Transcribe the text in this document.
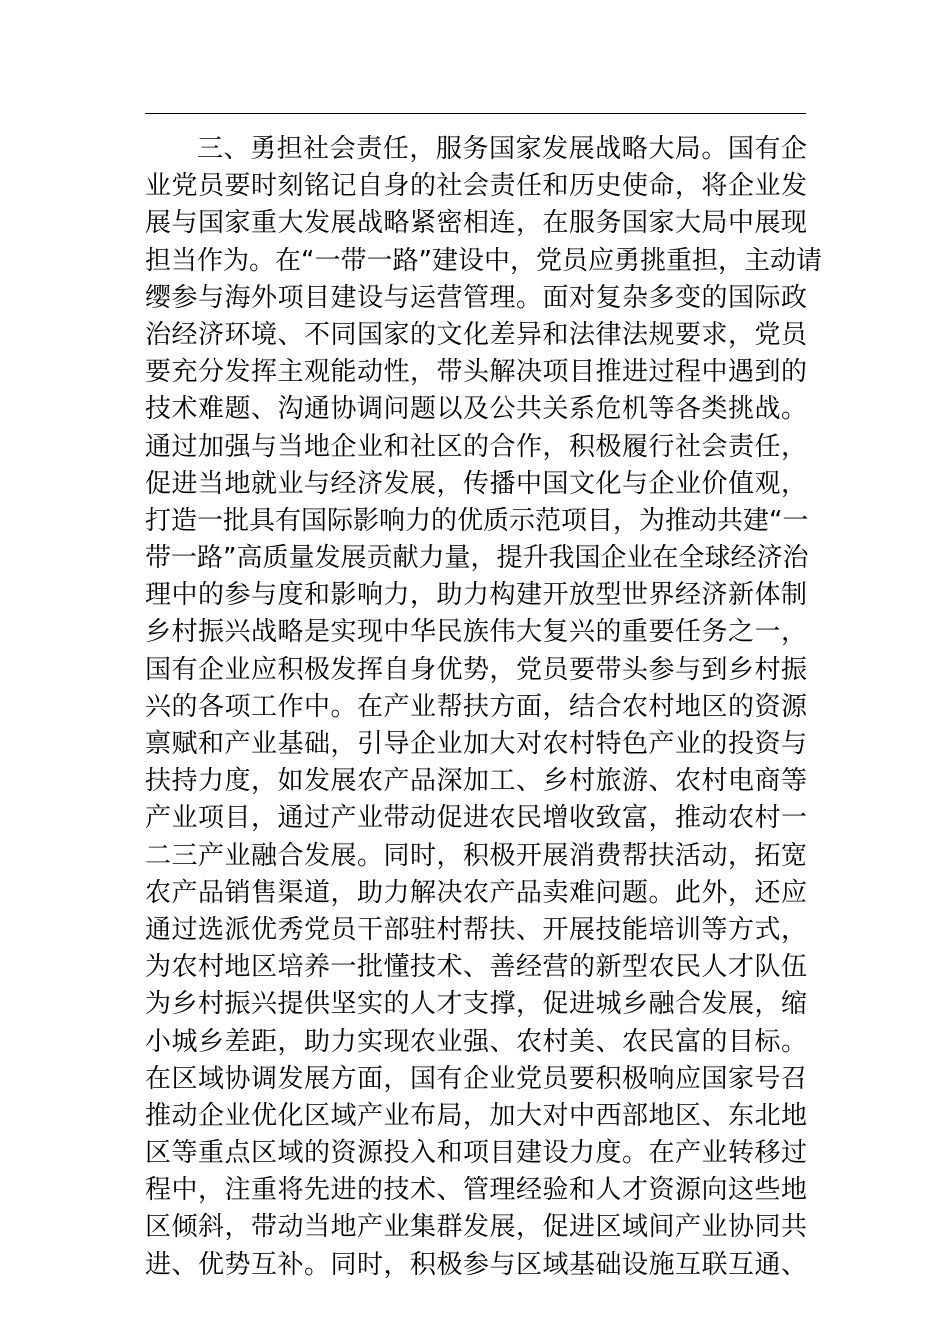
三、勇担社会责任，服务国家发展战略大局。国有企
业党员要时刻铭记自身的社会责任和历史使命，将企业发
展与国家重大发展战略紧密相连，在服务国家大局中展现
担当作为。在“一带一路”建设中，党员应勇挑重担，主动请
缨参与海外项目建设与运营管理。面对复杂多变的国际政
治经济环境、不同国家的文化差异和法律法规要求，党员
要充分发挥主观能动性，带头解决项目推进过程中遇到的
技术难题、沟通协调问题以及公共关系危机等各类挑战。
通过加强与当地企业和社区的合作，积极履行社会责任，
促进当地就业与经济发展，传播中国文化与企业价值观，
打造一批具有国际影响力的优质示范项目，为推动共建“一
带一路”高质量发展贡献力量，提升我国企业在全球经济治
理中的参与度和影响力，助力构建开放型世界经济新体制
乡村振兴战略是实现中华民族伟大复兴的重要任务之一，
国有企业应积极发挥自身优势，党员要带头参与到乡村振
兴的各项工作中。在产业帮扶方面，结合农村地区的资源
禀赋和产业基础，引导企业加大对农村特色产业的投资与
扶持力度，如发展农产品深加工、乡村旅游、农村电商等
产业项目，通过产业带动促进农民增收致富，推动农村一
二三产业融合发展。同时，积极开展消费帮扶活动，拓宽
农产品销售渠道，助力解决农产品卖难问题。此外，还应
通过选派优秀党员干部驻村帮扶、开展技能培训等方式，
为农村地区培养一批懂技术、善经营的新型农民人才队伍
为乡村振兴提供坚实的人才支撑，促进城乡融合发展，缩
小城乡差距，助力实现农业强、农村美、农民富的目标。
在区域协调发展方面，国有企业党员要积极响应国家号召
推动企业优化区域产业布局，加大对中西部地区、东北地
区等重点区域的资源投入和项目建设力度。在产业转移过
程中，注重将先进的技术、管理经验和人才资源向这些地
区倾斜，带动当地产业集群发展，促进区域间产业协同共
进、优势互补。同时，积极参与区域基础设施互联互通、
